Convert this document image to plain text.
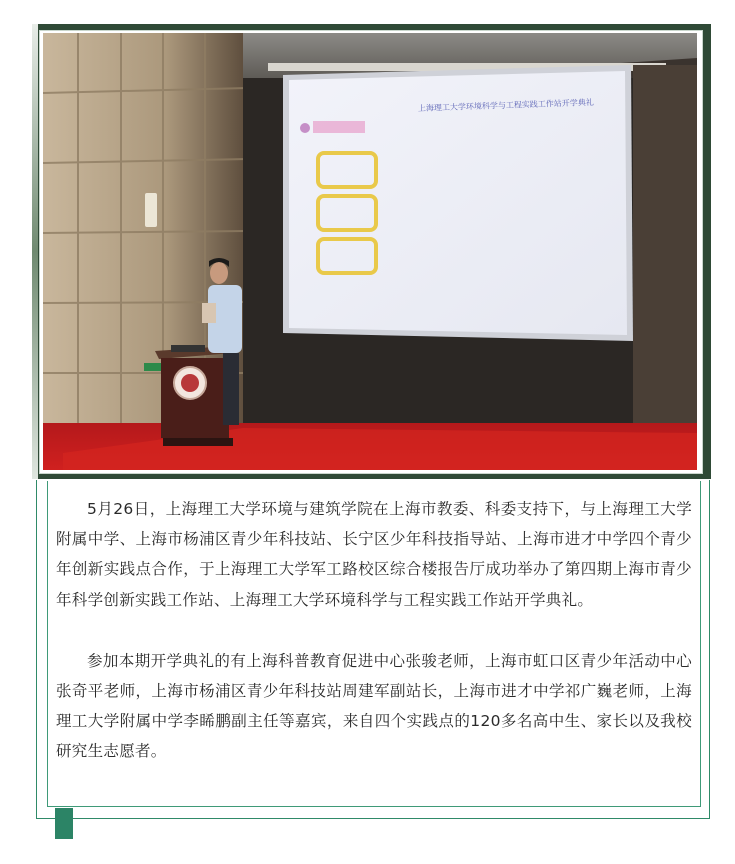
上海理工大学环境科学与工程实践工作站开学典礼

5月26日，上海理工大学环境与建筑学院在上海市教委、科委支持下，与上海理工大学附属中学、上海市杨浦区青少年科技站、长宁区少年科技指导站、上海市进才中学四个青少年创新实践点合作，于上海理工大学军工路校区综合楼报告厅成功举办了第四期上海市青少年科学创新实践工作站、上海理工大学环境科学与工程实践工作站开学典礼。

参加本期开学典礼的有上海科普教育促进中心张骏老师，上海市虹口区青少年活动中心张奇平老师，上海市杨浦区青少年科技站周建军副站长，上海市进才中学祁广巍老师，上海理工大学附属中学李睎鹏副主任等嘉宾，来自四个实践点的120多名高中生、家长以及我校研究生志愿者。
